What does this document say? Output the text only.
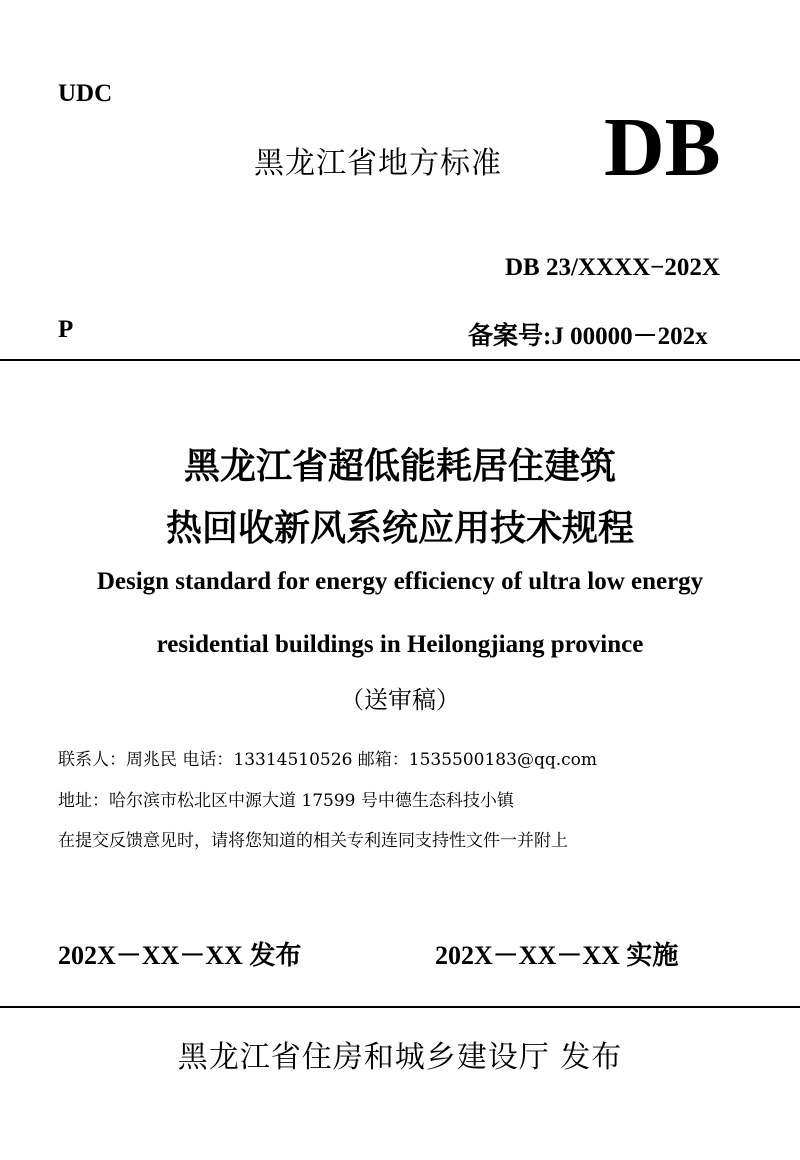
UDC
黑龙江省地方标准 DB
DB 23/XXXX−202X
P	备案号:J 00000－202x
黑龙江省超低能耗居住建筑
热回收新风系统应用技术规程
Design standard for energy efficiency of ultra low energy
residential buildings in Heilongjiang province
（送审稿）
联系人：周兆民 电话：13314510526 邮箱：1535500183@qq.com
地址：哈尔滨市松北区中源大道 17599 号中德生态科技小镇
在提交反馈意见时，请将您知道的相关专利连同支持性文件一并附上
202X－XX－XX 发布	202X－XX－XX 实施
黑龙江省住房和城乡建设厅 发布
